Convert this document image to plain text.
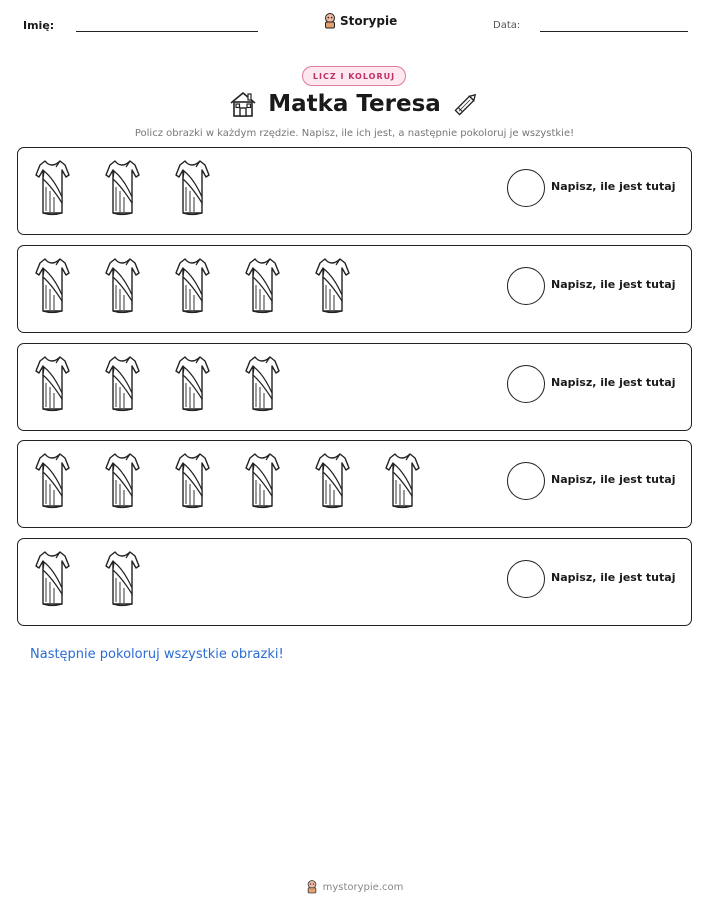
Imię:	Storypie	Data:
LICZ I KOLORUJ
Matka Teresa
Policz obrazki w każdym rzędzie. Napisz, ile ich jest, a następnie pokoloruj je wszystkie!
Napisz, ile jest tutaj
Napisz, ile jest tutaj
Napisz, ile jest tutaj
Napisz, ile jest tutaj
Napisz, ile jest tutaj
Następnie pokoloruj wszystkie obrazki!
mystorypie.com
